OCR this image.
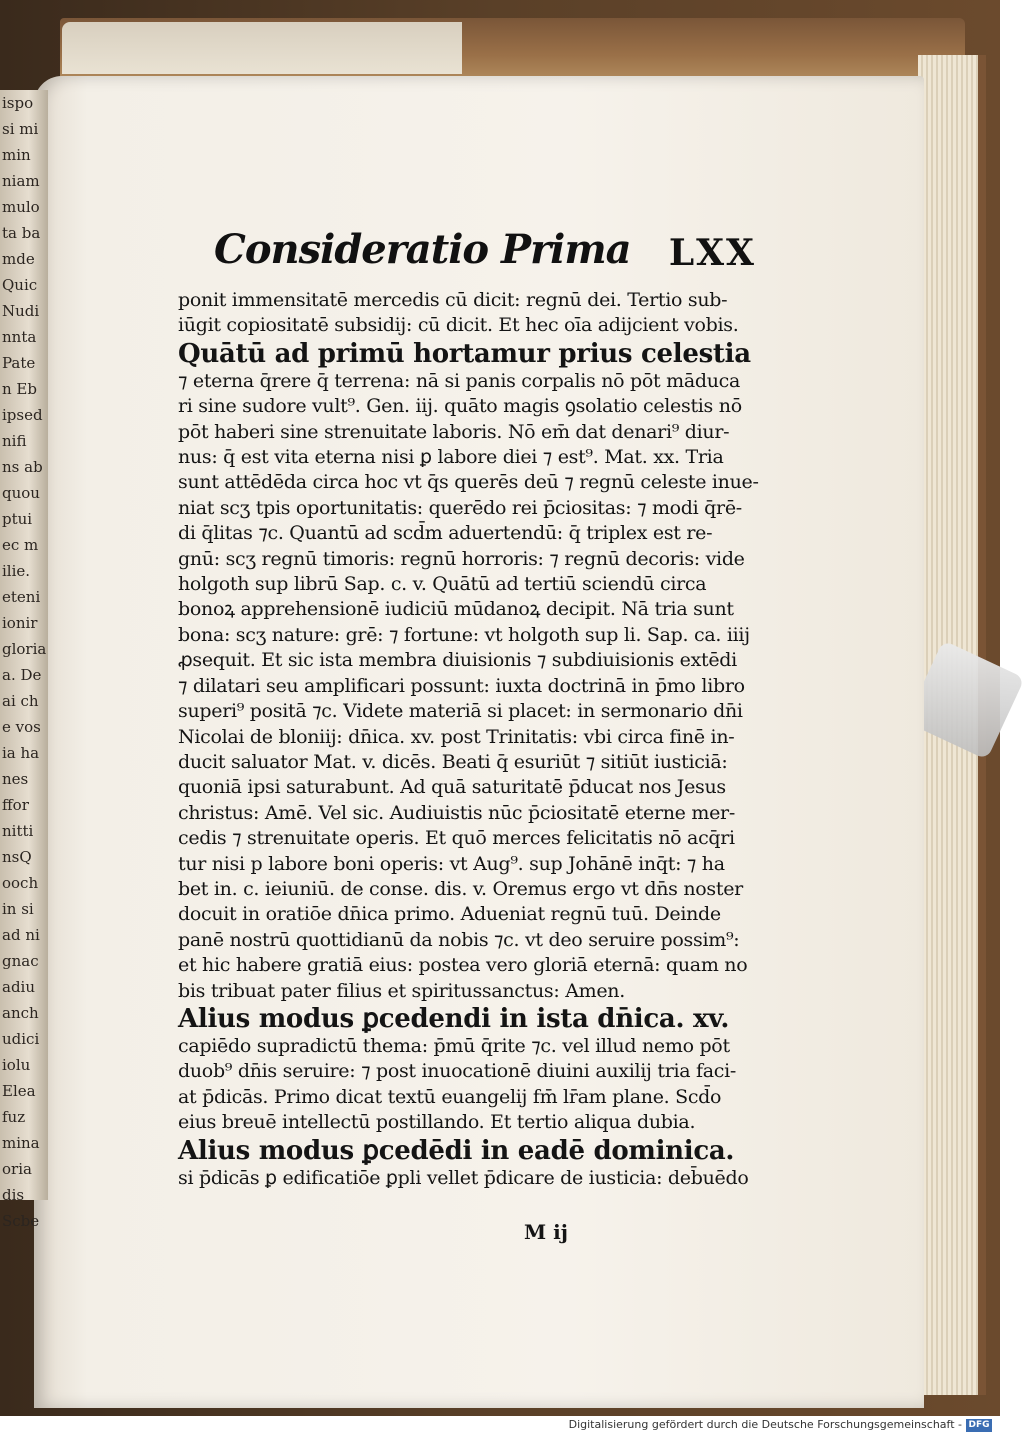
Consideratio Prima LXX
ponit immensitatē mercedis cū dicit: regnū dei. Tertio sub-
iūgit copiositatē subsidij: cū dicit. Et hec oīa adijcient vobis.
Quātū ad primū hortamur prius celestia
⁊ eterna q̄rere q̄ terrena: nā si panis corpalis nō pōt māduca
ri sine sudore vult⁹. Gen. iij. quāto magis ꝯsolatio celestis nō
pōt haberi sine strenuitate laboris. Nō em̄ dat denari⁹ diur-
nus: q̄ est vita eterna nisi ꝑ labore diei ⁊ est⁹. Mat. xx. Tria
sunt attēdēda circa hoc vt q̄s querēs deū ⁊ regnū celeste inue-
niat scʒ tpis oportunitatis: querēdo rei p̄ciositas: ⁊ modi q̄rē-
di q̄litas ⁊c. Quantū ad scd̄m aduertendū: q̄ triplex est re-
gnū: scʒ regnū timoris: regnū horroris: ⁊ regnū decoris: vide
holgoth sup librū Sap. c. v. Quātū ad tertiū sciendū circa
bonoꝝ apprehensionē iudiciū mūdanoꝝ decipit. Nā tria sunt
bona: scʒ nature: grē: ⁊ fortune: vt holgoth sup li. Sap. ca. iiij
ꝓsequit. Et sic ista membra diuisionis ⁊ subdiuisionis extēdi
⁊ dilatari seu amplificari possunt: iuxta doctrinā in p̄mo libro
superi⁹ positā ⁊c. Videte materiā si placet: in sermonario dn̄i
Nicolai de bloniij: dn̄ica. xv. post Trinitatis: vbi circa finē in-
ducit saluator Mat. v. dicēs. Beati q̄ esuriūt ⁊ sitiūt iusticiā:
quoniā ipsi saturabunt. Ad quā saturitatē p̄ducat nos Jesus
christus: Amē. Vel sic. Audiuistis nūc p̄ciositatē eterne mer-
cedis ⁊ strenuitate operis. Et quō merces felicitatis nō acq̄ri
tur nisi p labore boni operis: vt Aug⁹. sup Johānē inq̄t: ⁊ ha
bet in. c. ieiuniū. de conse. dis. v. Oremus ergo vt dn̄s noster
docuit in oratiōe dn̄ica primo. Adueniat regnū tuū. Deinde
panē nostrū quottidianū da nobis ⁊c. vt deo seruire possim⁹:
et hic habere gratiā eius: postea vero gloriā eternā: quam no
bis tribuat pater filius et spiritussanctus: Amen.
Alius modus ꝑcedendi in ista dn̄ica. xv.
capiēdo supradictū thema: p̄mū q̄rite ⁊c. vel illud nemo pōt
duob⁹ dn̄is seruire: ⁊ post inuocationē diuini auxilij tria faci-
at p̄dicās. Primo dicat textū euangelij fm̄ lr̄am plane. Scd̄o
eius breuē intellectū postillando. Et tertio aliqua dubia.
Alius modus ꝑcedēdi in eadē dominica.
si p̄dicās ꝑ edificatiōe ꝑpli vellet p̄dicare de iusticia: deb̄uēdo
M ij
ispo
si mi
min
niam
mulo
ta ba
mde
Quic
Nudi
nnta
Pate
n Eb
ipsed
nifi
ns ab
quou
ptui
ec m
ilie.
eteni
ionir
gloria
a. De
ai ch
e vos
ia ha
nes
ffor
nitti
nsQ
ooch
in si
ad ni
gnac
adiu
anch
udici
iolu
Elea
fuz
mina
oria
dis
Scbe
Digitalisierung gefördert durch die Deutsche Forschungsgemeinschaft - DFG
